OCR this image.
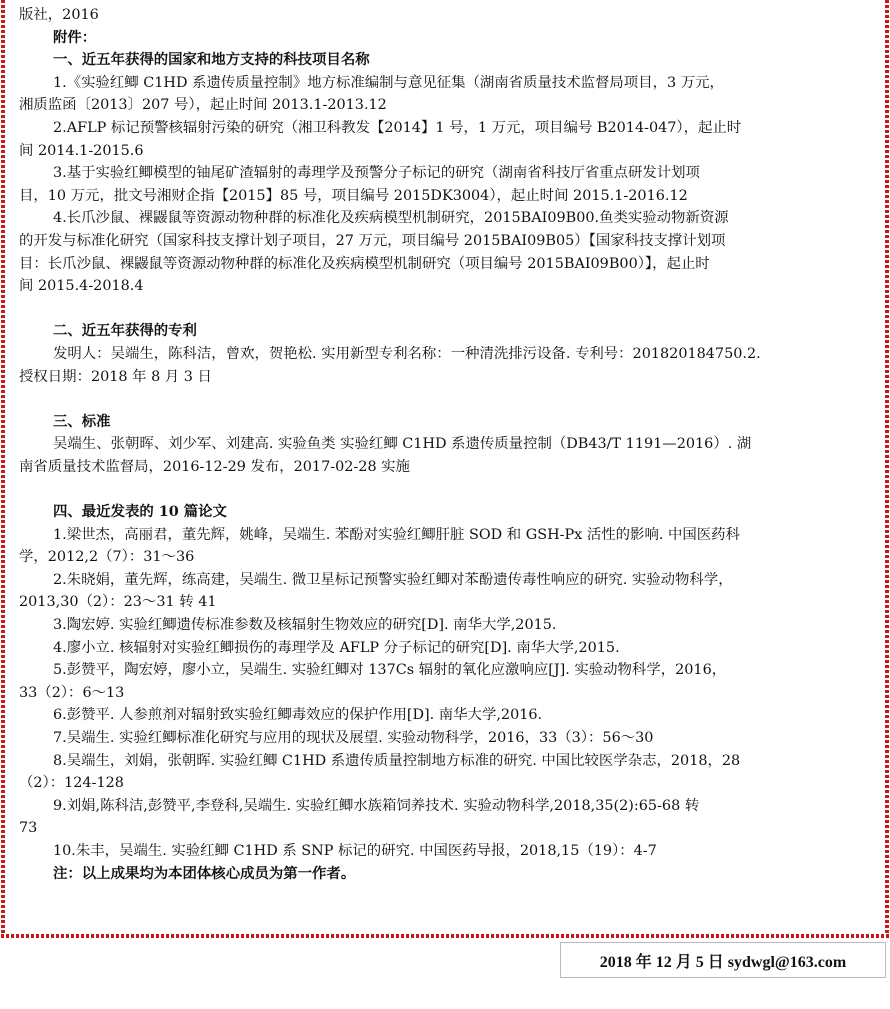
版社，2016
附件：
一、近五年获得的国家和地方支持的科技项目名称
1.《实验红鲫 C1HD 系遗传质量控制》地方标准编制与意见征集（湖南省质量技术监督局项目，3 万元，
湘质监函〔2013〕207 号），起止时间 2013.1-2013.12
2.AFLP 标记预警核辐射污染的研究（湘卫科教发【2014】1 号，1 万元，项目编号 B2014-047），起止时
间 2014.1-2015.6
3.基于实验红鲫模型的铀尾矿渣辐射的毒理学及预警分子标记的研究（湖南省科技厅省重点研发计划项
目，10 万元，批文号湘财企指【2015】85 号，项目编号 2015DK3004），起止时间 2015.1-2016.12
4.长爪沙鼠、裸鼹鼠等资源动物种群的标准化及疾病模型机制研究，2015BAI09B00.鱼类实验动物新资源
的开发与标准化研究（国家科技支撑计划子项目，27 万元，项目编号 2015BAI09B05）【国家科技支撑计划项
目：长爪沙鼠、裸鼹鼠等资源动物种群的标准化及疾病模型机制研究（项目编号 2015BAI09B00）】，起止时
间 2015.4-2018.4
二、近五年获得的专利
发明人：吴端生，陈科洁，曾欢，贺艳松. 实用新型专利名称：一种清洗排污设备. 专利号：201820184750.2.
授权日期：2018 年 8 月 3 日
三、标准
吴端生、张朝晖、刘少军、刘建高. 实验鱼类 实验红鲫 C1HD 系遗传质量控制（DB43/T 1191—2016）. 湖
南省质量技术监督局，2016-12-29 发布，2017-02-28 实施
四、最近发表的 10 篇论文
1.梁世杰，高丽君，董先辉，姚峰，吴端生. 苯酚对实验红鲫肝脏 SOD 和 GSH-Px 活性的影响. 中国医药科
学，2012,2（7）：31～36
2.朱晓娟，董先辉，练高建，吴端生. 微卫星标记预警实验红鲫对苯酚遗传毒性响应的研究. 实验动物科学，
2013,30（2）：23～31 转 41
3.陶宏婷. 实验红鲫遗传标准参数及核辐射生物效应的研究[D]. 南华大学,2015.
4.廖小立. 核辐射对实验红鲫损伤的毒理学及 AFLP 分子标记的研究[D]. 南华大学,2015.
5.彭赞平，陶宏婷，廖小立，吴端生. 实验红鲫对 137Cs 辐射的氧化应激响应[J]. 实验动物科学，2016，
33（2）：6～13
6.彭赞平. 人参煎剂对辐射致实验红鲫毒效应的保护作用[D]. 南华大学,2016.
7.吴端生. 实验红鲫标准化研究与应用的现状及展望. 实验动物科学，2016，33（3）：56～30
8.吴端生，刘娟，张朝晖. 实验红鲫 C1HD 系遗传质量控制地方标准的研究. 中国比较医学杂志，2018，28
（2）：124-128
9.刘娟,陈科洁,彭赞平,李登科,吴端生. 实验红鲫水族箱饲养技术. 实验动物科学,2018,35(2):65-68 转
73
10.朱丰，吴端生. 实验红鲫 C1HD 系 SNP 标记的研究. 中国医药导报，2018,15（19）：4-7
注：以上成果均为本团体核心成员为第一作者。
2018 年 12 月 5 日 sydwgl@163.com
